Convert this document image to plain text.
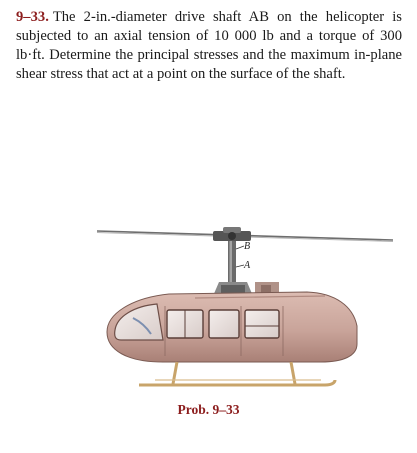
9–33. The 2-in.-diameter drive shaft AB on the helicopter is subjected to an axial tension of 10 000 lb and a torque of 300 lb·ft. Determine the principal stresses and the maximum in-plane shear stress that act at a point on the surface of the shaft.

B
A

Prob. 9–33
